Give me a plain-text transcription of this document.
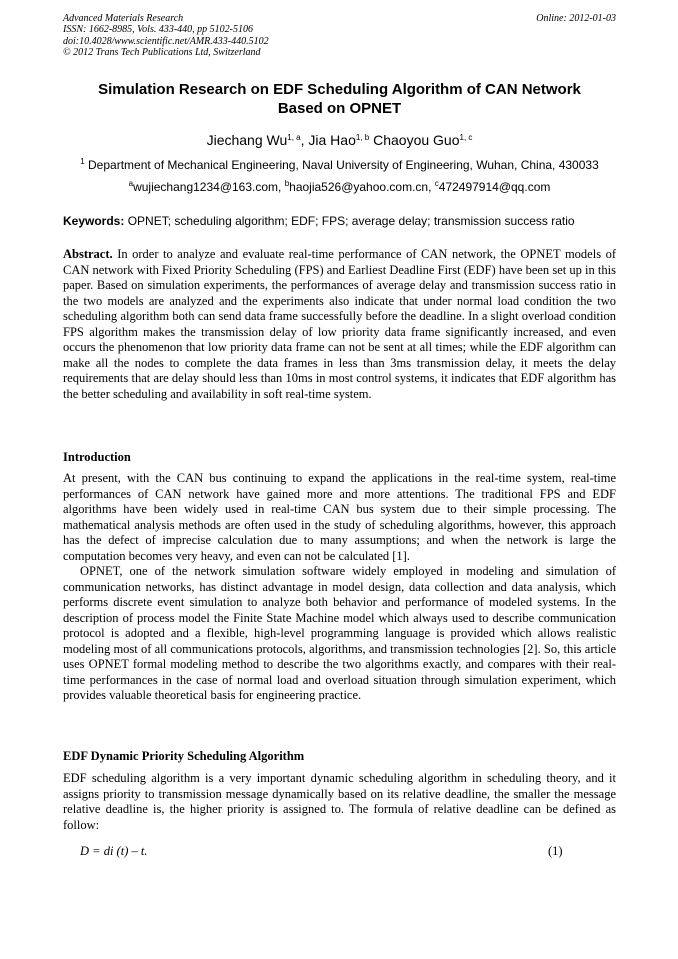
Advanced Materials Research
ISSN: 1662-8985, Vols. 433-440, pp 5102-5106
doi:10.4028/www.scientific.net/AMR.433-440.5102
© 2012 Trans Tech Publications Ltd, Switzerland
Online: 2012-01-03
Simulation Research on EDF Scheduling Algorithm of CAN Network
Based on OPNET
Jiechang Wu$^{1, a}$, Jia Hao$^{1, b}$ Chaoyou Guo$^{1, c}$
$^1$ Department of Mechanical Engineering, Naval University of Engineering, Wuhan, China, 430033
$^a$wujiechang1234@163.com, $^b$haojia526@yahoo.com.cn, $^c$472497914@qq.com
Keywords: OPNET; scheduling algorithm; EDF; FPS; average delay; transmission success ratio
Abstract. In order to analyze and evaluate real-time performance of CAN network, the OPNET models of CAN network with Fixed Priority Scheduling (FPS) and Earliest Deadline First (EDF) have been set up in this paper. Based on simulation experiments, the performances of average delay and transmission success ratio in the two models are analyzed and the experiments also indicate that under normal load condition the two scheduling algorithm both can send data frame successfully before the deadline. In a slight overload condition FPS algorithm makes the transmission delay of low priority data frame significantly increased, and even occurs the phenomenon that low priority data frame can not be sent at all times; while the EDF algorithm can make all the nodes to complete the data frames in less than 3ms transmission delay, it meets the delay requirements that are delay should less than 10ms in most control systems, it indicates that EDF algorithm has the better scheduling and availability in soft real-time system.
Introduction

At present, with the CAN bus continuing to expand the applications in the real-time system, real-time performances of CAN network have gained more and more attentions. The traditional FPS and EDF algorithms have been widely used in real-time CAN bus system due to their simple processing. The mathematical analysis methods are often used in the study of scheduling algorithms, however, this approach has the defect of imprecise calculation due to many assumptions; and when the network is large the computation becomes very heavy, and even can not be calculated [1].

OPNET, one of the network simulation software widely employed in modeling and simulation of communication networks, has distinct advantage in model design, data collection and data analysis, which performs discrete event simulation to analyze both behavior and performance of modeled systems. In the description of process model the Finite State Machine model which always used to describe communication protocol is adopted and a flexible, high-level programming language is provided which allows realistic modeling most of all communications protocols, algorithms, and transmission technologies [2]. So, this article uses OPNET formal modeling method to describe the two algorithms exactly, and compares with their real-time performances in the case of normal load and overload situation through simulation experiment, which provides valuable theoretical basis for engineering practice.

EDF Dynamic Priority Scheduling Algorithm

EDF scheduling algorithm is a very important dynamic scheduling algorithm in scheduling theory, and it assigns priority to transmission message dynamically based on its relative deadline, the smaller the message relative deadline is, the higher priority is assigned to. The formula of relative deadline can be defined as follow:

D = di (t) – t.	(1)
